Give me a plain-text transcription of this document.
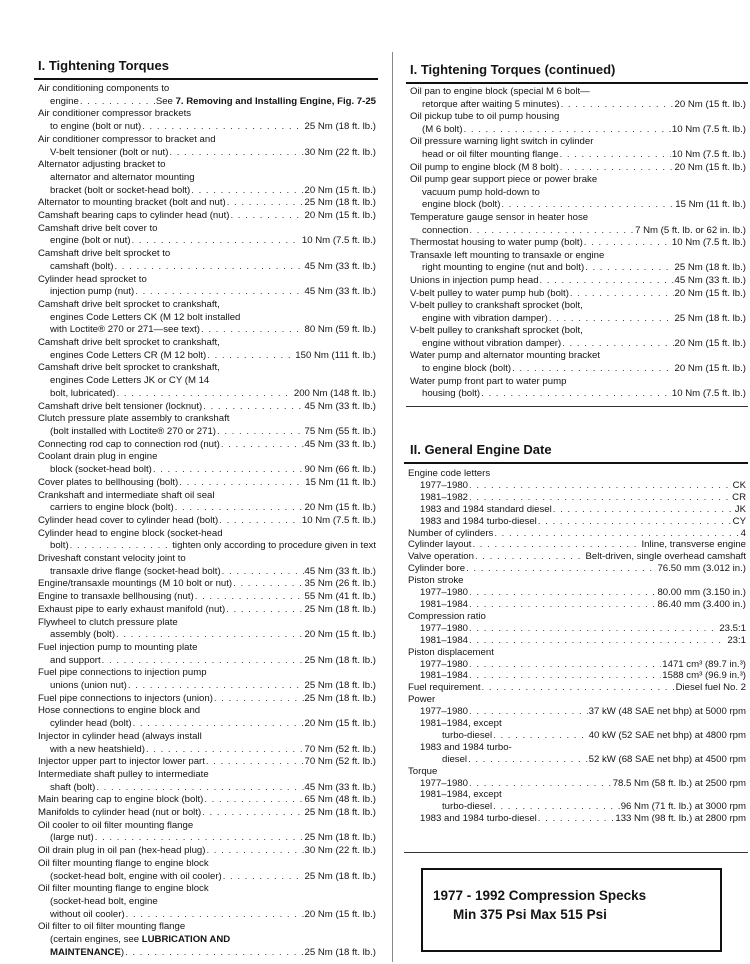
I. Tightening Torques
Air conditioning components to
engine . . .	See 7. Removing and Installing Engine, Fig. 7-25
Air conditioner compressor brackets
to engine (bolt or nut) . . .	25 Nm (18 ft. lb.)
Air conditioner compressor to bracket and
V-belt tensioner (bolt or nut) . . .	30 Nm (22 ft. lb.)
Alternator adjusting bracket to
alternator and alternator mounting
bracket (bolt or socket-head bolt) . . .	20 Nm (15 ft. lb.)
Alternator to mounting bracket (bolt and nut) . . .	25 Nm (18 ft. lb.)
Camshaft bearing caps to cylinder head (nut) . . .	20 Nm (15 ft. lb.)
Camshaft drive belt cover to
engine (bolt or nut) . . .	10 Nm (7.5 ft. lb.)
Camshaft drive belt sprocket to
camshaft (bolt) . . .	45 Nm (33 ft. lb.)
Cylinder head sprocket to
injection pump (nut) . . .	45 Nm (33 ft. lb.)
Camshaft drive belt sprocket to crankshaft,
engines Code Letters CK (M 12 bolt installed
with Loctite® 270 or 271—see text) . . .	80 Nm (59 ft. lb.)
Camshaft drive belt sprocket to crankshaft,
engines Code Letters CR (M 12 bolt) . . .	150 Nm (111 ft. lb.)
Camshaft drive belt sprocket to crankshaft,
engines Code Letters JK or CY (M 14
bolt, lubricated) . . .	200 Nm (148 ft. lb.)
Camshaft drive belt tensioner (locknut) . . .	45 Nm (33 ft. lb.)
Clutch pressure plate assembly to crankshaft
(bolt installed with Loctite® 270 or 271) . . .	75 Nm (55 ft. lb.)
Connecting rod cap to connection rod (nut) . . .	45 Nm (33 ft. lb.)
Coolant drain plug in engine
block (socket-head bolt) . . .	90 Nm (66 ft. lb.)
Cover plates to bellhousing (bolt) . . .	15 Nm (11 ft. lb.)
Crankshaft and intermediate shaft oil seal
carriers to engine block (bolt) . . .	20 Nm (15 ft. lb.)
Cylinder head cover to cylinder head (bolt) . . .	10 Nm (7.5 ft. lb.)
Cylinder head to engine block (socket-head
bolt) . . .	tighten only according to procedure given in text
Driveshaft constant velocity joint to
transaxle drive flange (socket-head bolt) . . .	45 Nm (33 ft. lb.)
Engine/transaxle mountings (M 10 bolt or nut) . . .	35 Nm (26 ft. lb.)
Engine to transaxle bellhousing (nut) . . .	55 Nm (41 ft. lb.)
Exhaust pipe to early exhaust manifold (nut) . . .	25 Nm (18 ft. lb.)
Flywheel to clutch pressure plate
assembly (bolt) . . .	20 Nm (15 ft. lb.)
Fuel injection pump to mounting plate
and support . . .	25 Nm (18 ft. lb.)
Fuel pipe connections to injection pump
unions (union nut) . . .	25 Nm (18 ft. lb.)
Fuel pipe connections to injectors (union) . . .	25 Nm (18 ft. lb.)
Hose connections to engine block and
cylinder head (bolt) . . .	20 Nm (15 ft. lb.)
Injector in cylinder head (always install
with a new heatshield) . . .	70 Nm (52 ft. lb.)
Injector upper part to injector lower part . . .	70 Nm (52 ft. lb.)
Intermediate shaft pulley to intermediate
shaft (bolt) . . .	45 Nm (33 ft. lb.)
Main bearing cap to engine block (bolt) . . .	65 Nm (48 ft. lb.)
Manifolds to cylinder head (nut or bolt) . . .	25 Nm (18 ft. lb.)
Oil cooler to oil filter mounting flange
(large nut) . . .	25 Nm (18 ft. lb.)
Oil drain plug in oil pan (hex-head plug) . . .	30 Nm (22 ft. lb.)
Oil filter mounting flange to engine block
(socket-head bolt, engine with oil cooler) . . .	25 Nm (18 ft. lb.)
Oil filter mounting flange to engine block
(socket-head bolt, engine
without oil cooler) . . .	20 Nm (15 ft. lb.)
Oil filter to oil filter mounting flange
(certain engines, see LUBRICATION AND
MAINTENANCE) . . .	25 Nm (18 ft. lb.)
I. Tightening Torques (continued)
Oil pan to engine block (special M 6 bolt—
retorque after waiting 5 minutes) . . .	20 Nm (15 ft. lb.)
Oil pickup tube to oil pump housing
(M 6 bolt) . . .	10 Nm (7.5 ft. lb.)
Oil pressure warning light switch in cylinder
head or oil filter mounting flange . . .	10 Nm (7.5 ft. lb.)
Oil pump to engine block (M 8 bolt) . . .	20 Nm (15 ft. lb.)
Oil pump gear support piece or power brake
vacuum pump hold-down to
engine block (bolt) . . .	15 Nm (11 ft. lb.)
Temperature gauge sensor in heater hose
connection . . .	7 Nm (5 ft. lb. or 62 in. lb.)
Thermostat housing to water pump (bolt) . . .	10 Nm (7.5 ft. lb.)
Transaxle left mounting to transaxle or engine
right mounting to engine (nut and bolt) . . .	25 Nm (18 ft. lb.)
Unions in injection pump head . . .	45 Nm (33 ft. lb.)
V-belt pulley to water pump hub (bolt) . . .	20 Nm (15 ft. lb.)
V-belt pulley to crankshaft sprocket (bolt,
engine with vibration damper) . . .	25 Nm (18 ft. lb.)
V-belt pulley to crankshaft sprocket (bolt,
engine without vibration damper) . . .	20 Nm (15 ft. lb.)
Water pump and alternator mounting bracket
to engine block (bolt) . . .	20 Nm (15 ft. lb.)
Water pump front part to water pump
housing (bolt) . . .	10 Nm (7.5 ft. lb.)
II. General Engine Date
Engine code letters
1977–1980 . . .	CK
1981–1982 . . .	CR
1983 and 1984 standard diesel . . .	JK
1983 and 1984 turbo-diesel . . .	CY
Number of cylinders . . .	4
Cylinder layout . . .	Inline, transverse engine
Valve operation . . .	Belt-driven, single overhead camshaft
Cylinder bore . . .	76.50 mm (3.012 in.)
Piston stroke
1977–1980 . . .	80.00 mm (3.150 in.)
1981–1984 . . .	86.40 mm (3.400 in.)
Compression ratio
1977–1980 . . .	23.5:1
1981–1984 . . .	23:1
Piston displacement
1977–1980 . . .	1471 cm³ (89.7 in.³)
1981–1984 . . .	1588 cm³ (96.9 in.³)
Fuel requirement . . .	Diesel fuel No. 2
Power
1977–1980 . . .	37 kW (48 SAE net bhp) at 5000 rpm
1981–1984, except
turbo-diesel . . .	40 kW (52 SAE net bhp) at 4800 rpm
1983 and 1984 turbo-
diesel . . .	52 kW (68 SAE net bhp) at 4500 rpm
Torque
1977–1980 . . .	78.5 Nm (58 ft. lb.) at 2500 rpm
1981–1984, except
turbo-diesel . . .	96 Nm (71 ft. lb.) at 3000 rpm
1983 and 1984 turbo-diesel . . .	133 Nm (98 ft. lb.) at 2800 rpm
1977 - 1992 Compression Specks
Min 375 Psi Max 515 Psi
